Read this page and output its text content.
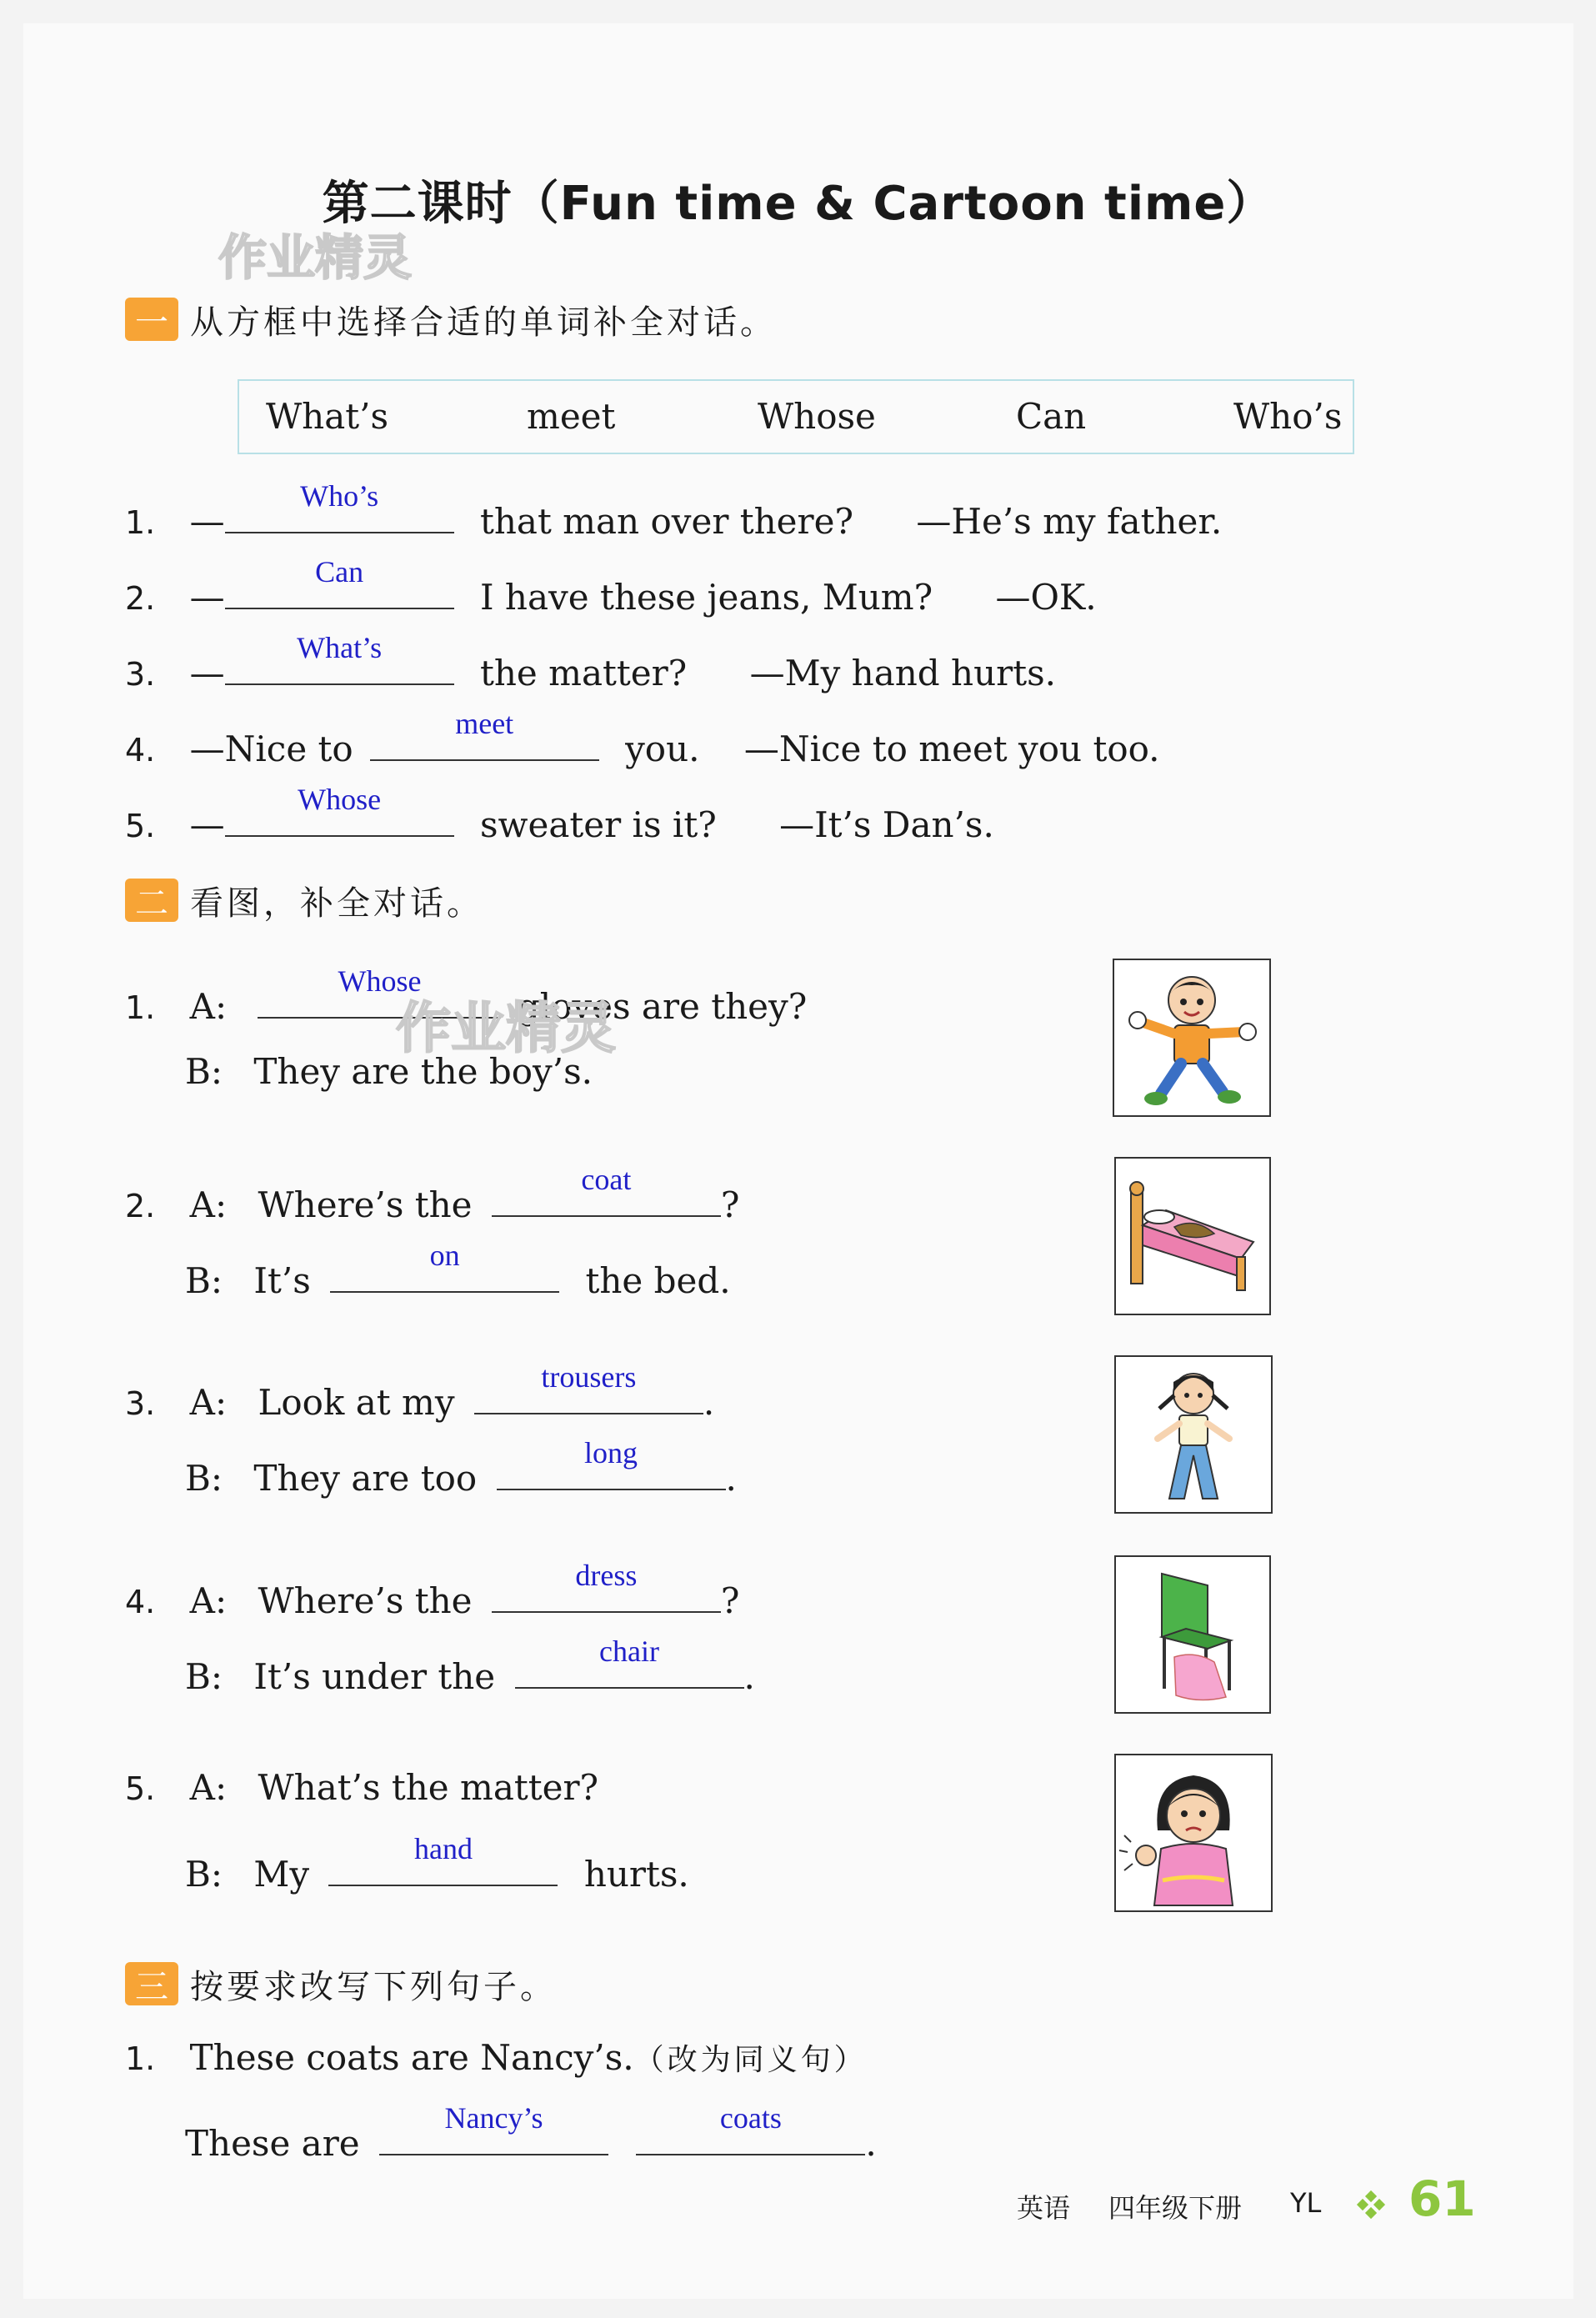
第二课时（Fun time & Cartoon time）
作业精灵
一 从方框中选择合适的单词补全对话。
What’s	meet	Whose	Can	Who’s
1. —
Who’s
that man over there? —He’s my father.
2. —
Can
I have these jeans, Mum? —OK.
3. —
What’s
the matter? —My hand hurts.
4. —Nice to
meet
you. —Nice to meet you too.
5. —
Whose
sweater is it? —It’s Dan’s.
二 看图，补全对话。
1. A:
Whose
gloves are they?
B: They are the boy’s.
作业精灵
2. A: Where’s the
coat
?
B: It’s
on
the bed.
3. A: Look at my
trousers
.
B: They are too
long
.
4. A: Where’s the
dress
?
B: It’s under the
chair
.
5. A: What’s the matter?
B: My
hand
hurts.
三 按要求改写下列句子。
1. These coats are Nancy’s.（改为同义句）
These are
Nancy’s
	coats
.
英语 四年级下册 YL 61
